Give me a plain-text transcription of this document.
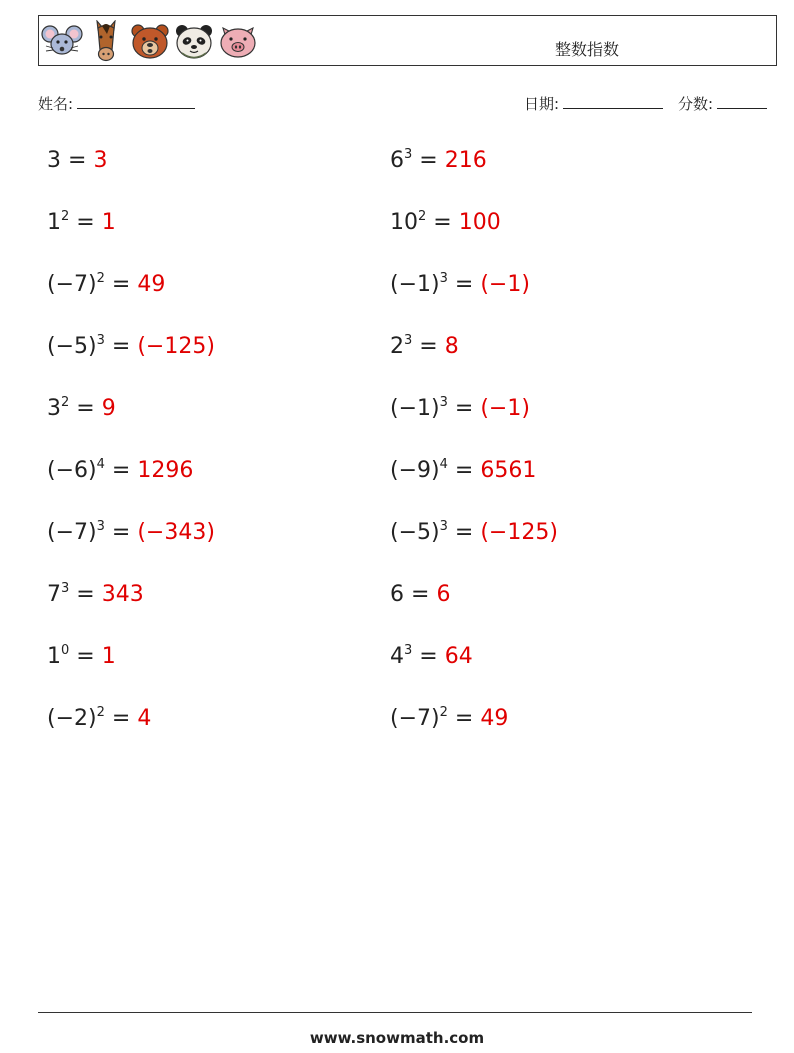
整数指数
姓名:	日期:	分数:
3 = 3	$6^3 = 216$
$1^2 = 1$	$10^2 = 100$
$(-7)^2 = 49$	$(-1)^3 = (-1)$
$(-5)^3 = (-125)$	$2^3 = 8$
$3^2 = 9$	$(-1)^3 = (-1)$
$(-6)^4 = 1296$	$(-9)^4 = 6561$
$(-7)^3 = (-343)$	$(-5)^3 = (-125)$
$7^3 = 343$	6 = 6
$1^0 = 1$	$4^3 = 64$
$(-2)^2 = 4$	$(-7)^2 = 49$
www.snowmath.com
